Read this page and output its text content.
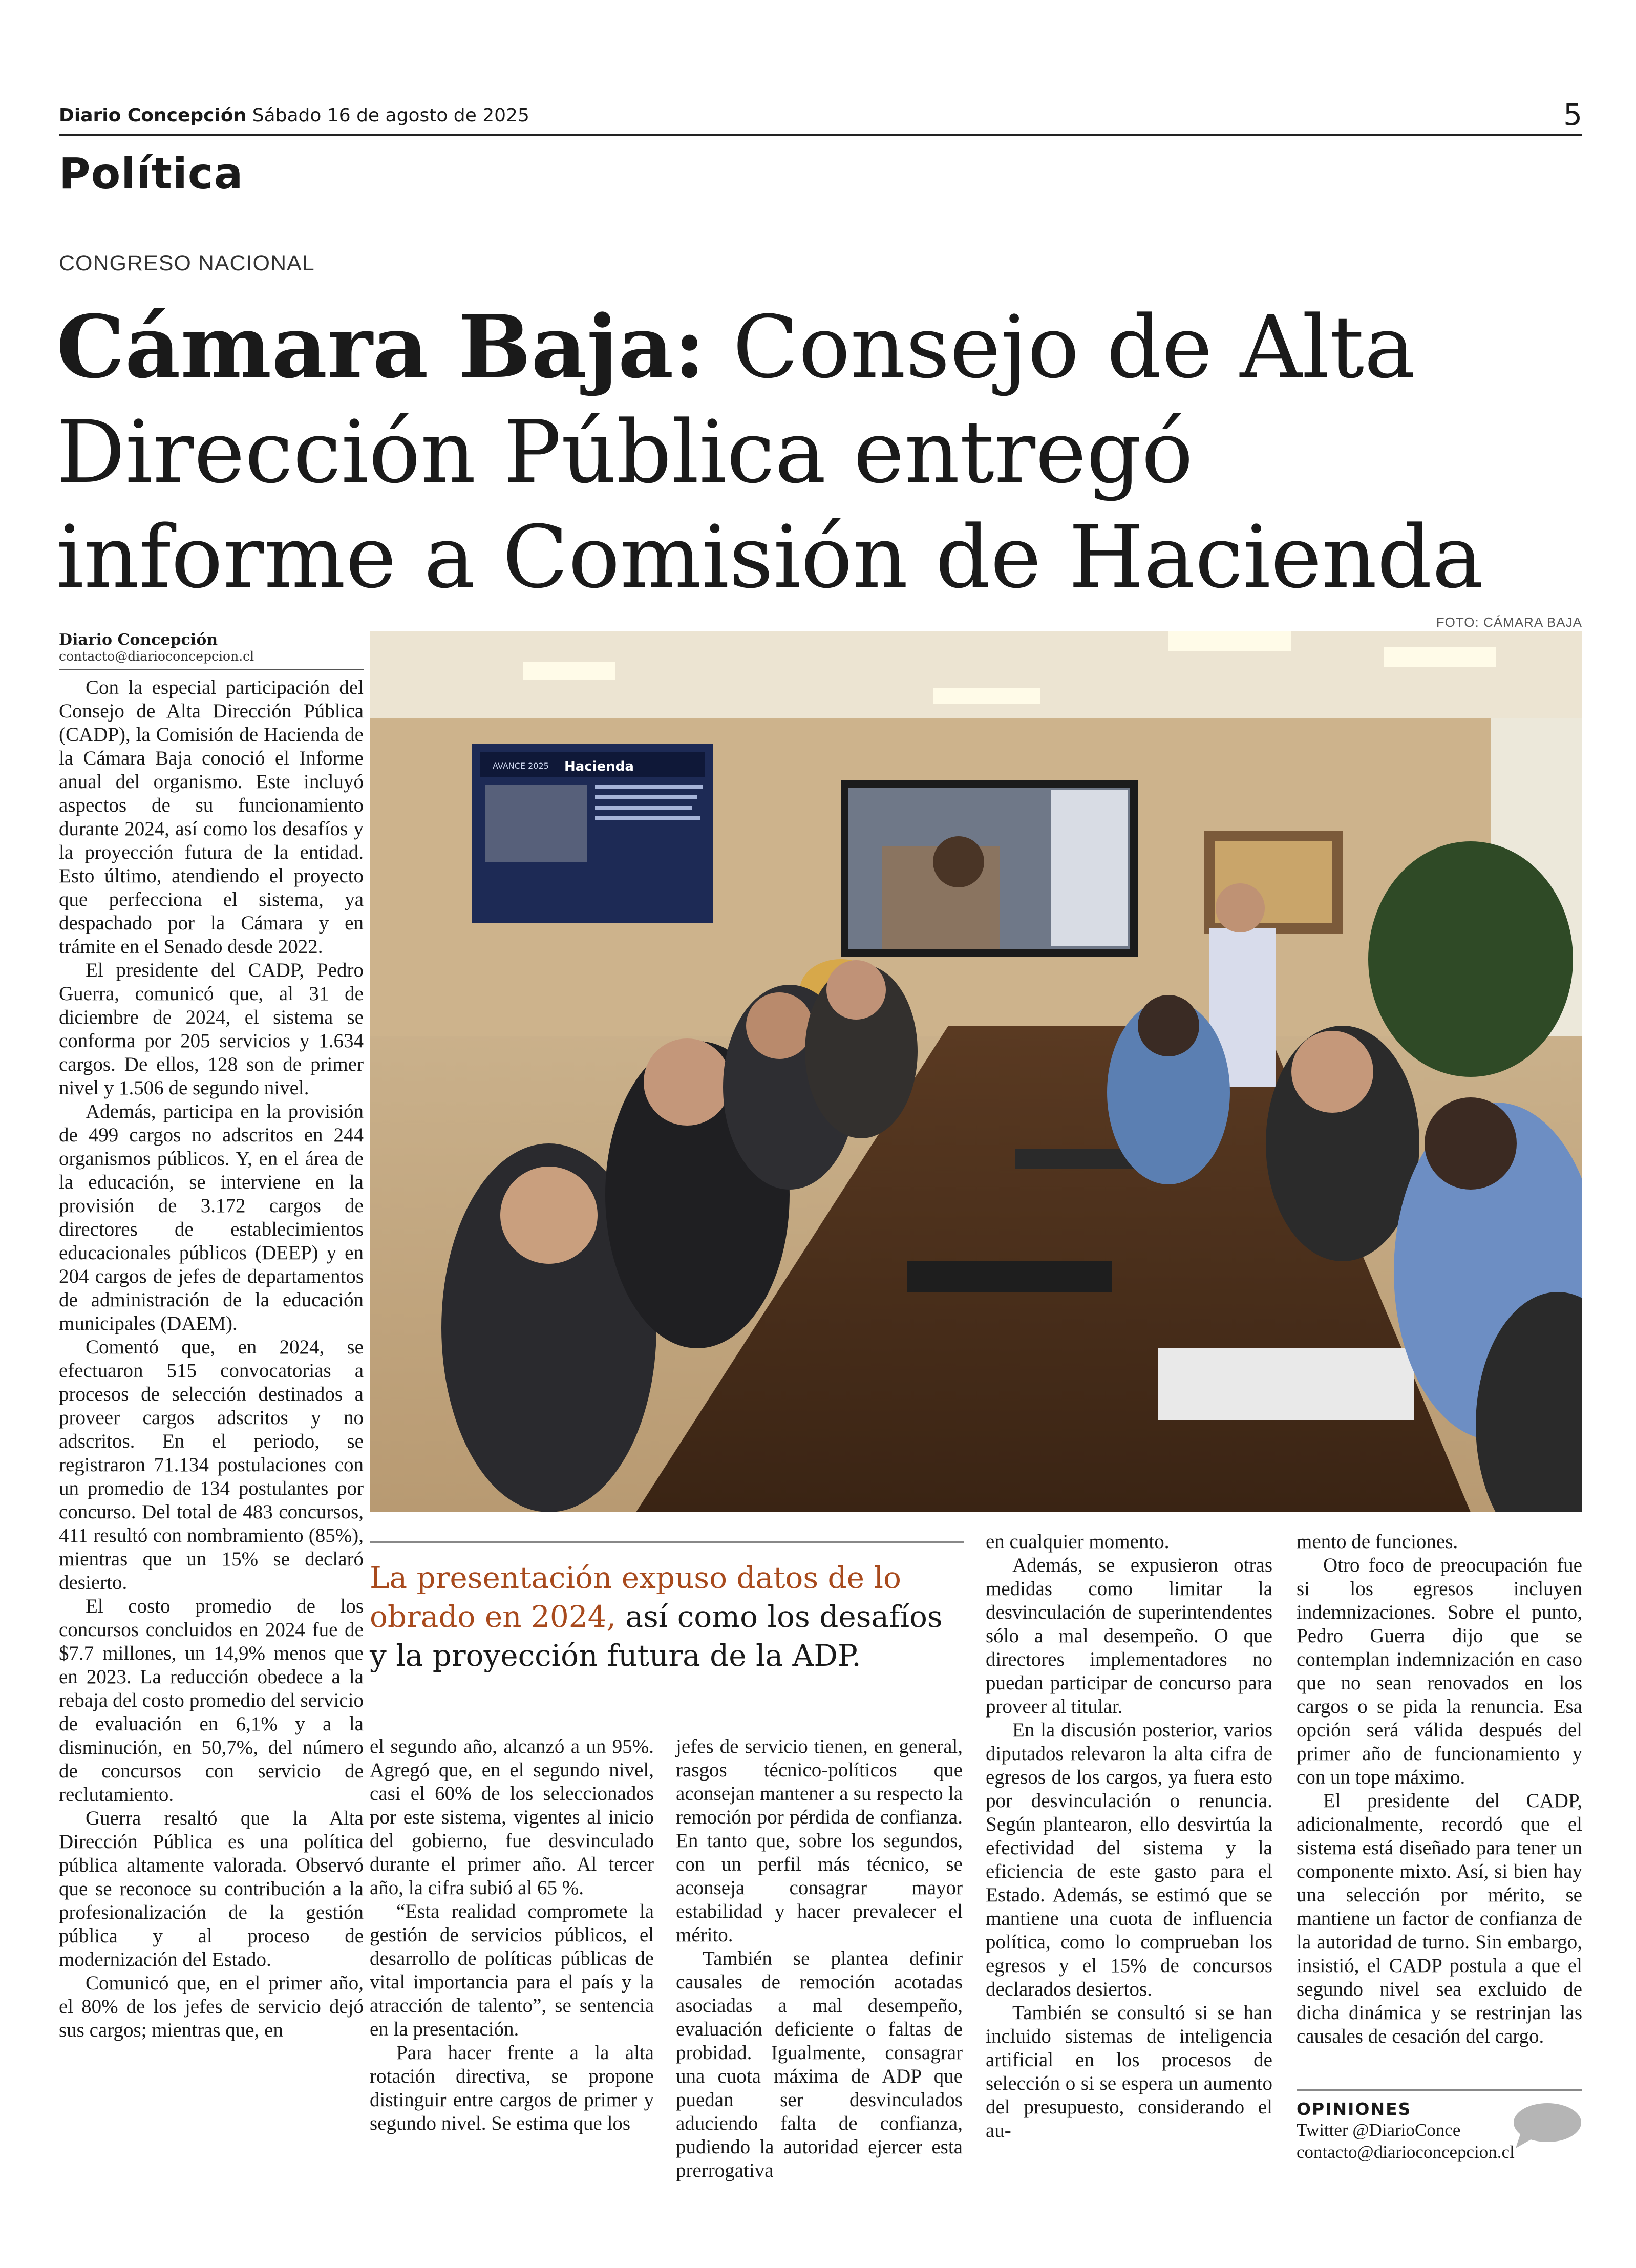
Diario Concepción Sábado 16 de agosto de 2025	5
Política
CONGRESO NACIONAL
Cámara Baja: Consejo de Alta Dirección Pública entregó informe a Comisión de Hacienda
FOTO: CÁMARA BAJA
Diario Concepción
contacto@diarioconcepcion.cl
AVANCE 2025 Hacienda

Con la especial participación del Consejo de Alta Dirección Pública (CADP), la Comisión de Hacienda de la Cámara Baja conoció el Informe anual del organismo. Este incluyó aspectos de su funcionamiento durante 2024, así como los desafíos y la proyección futura de la entidad. Esto último, atendiendo el proyecto que perfecciona el sistema, ya despachado por la Cámara y en trámite en el Senado desde 2022.

El presidente del CADP, Pedro Guerra, comunicó que, al 31 de diciembre de 2024, el sistema se conforma por 205 servicios y 1.634 cargos. De ellos, 128 son de primer nivel y 1.506 de segundo nivel.

Además, participa en la provisión de 499 cargos no adscritos en 244 organismos públicos. Y, en el área de la educación, se interviene en la provisión de 3.172 cargos de directores de establecimientos educacionales públicos (DEEP) y en 204 cargos de jefes de departamentos de administración de la educación municipales (DAEM).

Comentó que, en 2024, se efectuaron 515 convocatorias a procesos de selección destinados a proveer cargos adscritos y no adscritos. En el periodo, se registraron 71.134 postulaciones con un promedio de 134 postulantes por concurso. Del total de 483 concursos, 411 resultó con nombramiento (85%), mientras que un 15% se declaró desierto.

El costo promedio de los concursos concluidos en 2024 fue de $7.7 millones, un 14,9% menos que en 2023. La reducción obedece a la rebaja del costo promedio del servicio de evaluación en 6,1% y a la disminución, en 50,7%, del número de concursos con servicio de reclutamiento.

Guerra resaltó que la Alta Dirección Pública es una política pública altamente valorada. Observó que se reconoce su contribución a la profesionalización de la gestión pública y al proceso de modernización del Estado.

Comunicó que, en el primer año, el 80% de los jefes de servicio dejó sus cargos; mientras que, en

La presentación expuso datos de lo obrado en 2024, así como los desafíos y la proyección futura de la ADP.

el segundo año, alcanzó a un 95%. Agregó que, en el segundo nivel, casi el 60% de los seleccionados por este sistema, vigentes al inicio del gobierno, fue desvinculado durante el primer año. Al tercer año, la cifra subió al 65 %.

“Esta realidad compromete la gestión de servicios públicos, el desarrollo de políticas públicas de vital importancia para el país y la atracción de talento”, se sentencia en la presentación.

Para hacer frente a la alta rotación directiva, se propone distinguir entre cargos de primer y segundo nivel. Se estima que los

jefes de servicio tienen, en general, rasgos técnico-políticos que aconsejan mantener a su respecto la remoción por pérdida de confianza. En tanto que, sobre los segundos, con un perfil más técnico, se aconseja consagrar mayor estabilidad y hacer prevalecer el mérito.

También se plantea definir causales de remoción acotadas asociadas a mal desempeño, evaluación deficiente o faltas de probidad. Igualmente, consagrar una cuota máxima de ADP que puedan ser desvinculados aduciendo falta de confianza, pudiendo la autoridad ejercer esta prerrogativa

en cualquier momento.

Además, se expusieron otras medidas como limitar la desvinculación de superintendentes sólo a mal desempeño. O que directores implementadores no puedan participar de concurso para proveer al titular.

En la discusión posterior, varios diputados relevaron la alta cifra de egresos de los cargos, ya fuera esto por desvinculación o renuncia. Según plantearon, ello desvirtúa la efectividad del sistema y la eficiencia de este gasto para el Estado. Además, se estimó que se mantiene una cuota de influencia política, como lo comprueban los egresos y el 15% de concursos declarados desiertos.

También se consultó si se han incluido sistemas de inteligencia artificial en los procesos de selección o si se espera un aumento del presupuesto, considerando el au-

mento de funciones.

Otro foco de preocupación fue si los egresos incluyen indemnizaciones. Sobre el punto, Pedro Guerra dijo que se contemplan indemnización en caso que no sean renovados en los cargos o se pida la renuncia. Esa opción será válida después del primer año de funcionamiento y con un tope máximo.

El presidente del CADP, adicionalmente, recordó que el sistema está diseñado para tener un componente mixto. Así, si bien hay una selección por mérito, se mantiene un factor de confianza de la autoridad de turno. Sin embargo, insistió, el CADP postula a que el segundo nivel sea excluido de dicha dinámica y se restrinjan las causales de cesación del cargo.

OPINIONES
Twitter @DiarioConce
contacto@diarioconcepcion.cl
